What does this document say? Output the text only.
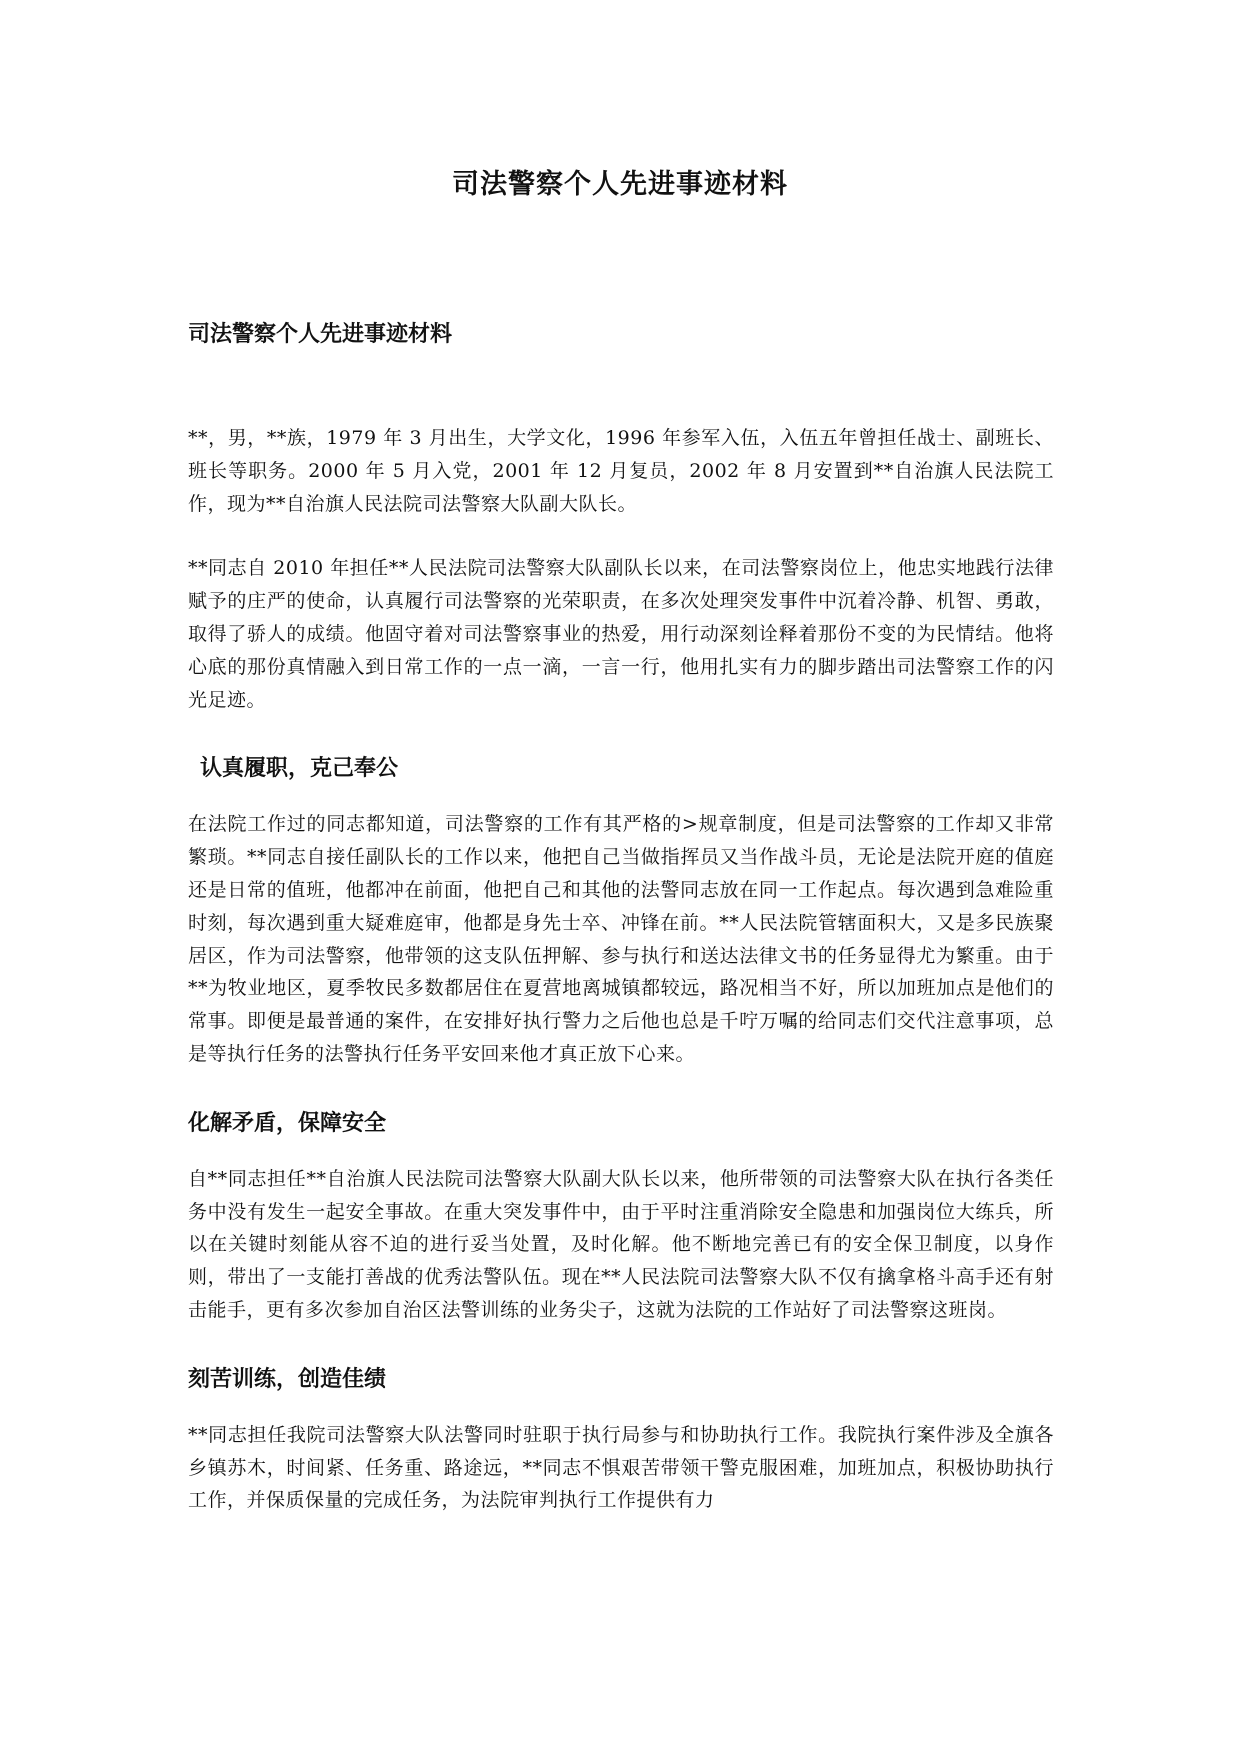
司法警察个人先进事迹材料
司法警察个人先进事迹材料

**，男，**族，1979 年 3 月出生，大学文化，1996 年参军入伍，入伍五年曾担任战士、副班长、班长等职务。2000 年 5 月入党，2001 年 12 月复员，2002 年 8 月安置到**自治旗人民法院工作，现为**自治旗人民法院司法警察大队副大队长。

**同志自 2010 年担任**人民法院司法警察大队副队长以来，在司法警察岗位上，他忠实地践行法律赋予的庄严的使命，认真履行司法警察的光荣职责，在多次处理突发事件中沉着冷静、机智、勇敢，取得了骄人的成绩。他固守着对司法警察事业的热爱，用行动深刻诠释着那份不变的为民情结。他将心底的那份真情融入到日常工作的一点一滴，一言一行，他用扎实有力的脚步踏出司法警察工作的闪光足迹。

认真履职，克己奉公

在法院工作过的同志都知道，司法警察的工作有其严格的>规章制度，但是司法警察的工作却又非常繁琐。**同志自接任副队长的工作以来，他把自己当做指挥员又当作战斗员，无论是法院开庭的值庭还是日常的值班，他都冲在前面，他把自己和其他的法警同志放在同一工作起点。每次遇到急难险重时刻，每次遇到重大疑难庭审，他都是身先士卒、冲锋在前。**人民法院管辖面积大，又是多民族聚居区，作为司法警察，他带领的这支队伍押解、参与执行和送达法律文书的任务显得尤为繁重。由于**为牧业地区，夏季牧民多数都居住在夏营地离城镇都较远，路况相当不好，所以加班加点是他们的常事。即便是最普通的案件，在安排好执行警力之后他也总是千咛万嘱的给同志们交代注意事项，总是等执行任务的法警执行任务平安回来他才真正放下心来。

化解矛盾，保障安全

自**同志担任**自治旗人民法院司法警察大队副大队长以来，他所带领的司法警察大队在执行各类任务中没有发生一起安全事故。在重大突发事件中，由于平时注重消除安全隐患和加强岗位大练兵，所以在关键时刻能从容不迫的进行妥当处置，及时化解。他不断地完善已有的安全保卫制度，以身作则，带出了一支能打善战的优秀法警队伍。现在**人民法院司法警察大队不仅有擒拿格斗高手还有射击能手，更有多次参加自治区法警训练的业务尖子，这就为法院的工作站好了司法警察这班岗。

刻苦训练，创造佳绩

**同志担任我院司法警察大队法警同时驻职于执行局参与和协助执行工作。我院执行案件涉及全旗各乡镇苏木，时间紧、任务重、路途远，**同志不惧艰苦带领干警克服困难，加班加点，积极协助执行工作，并保质保量的完成任务，为法院审判执行工作提供有力
